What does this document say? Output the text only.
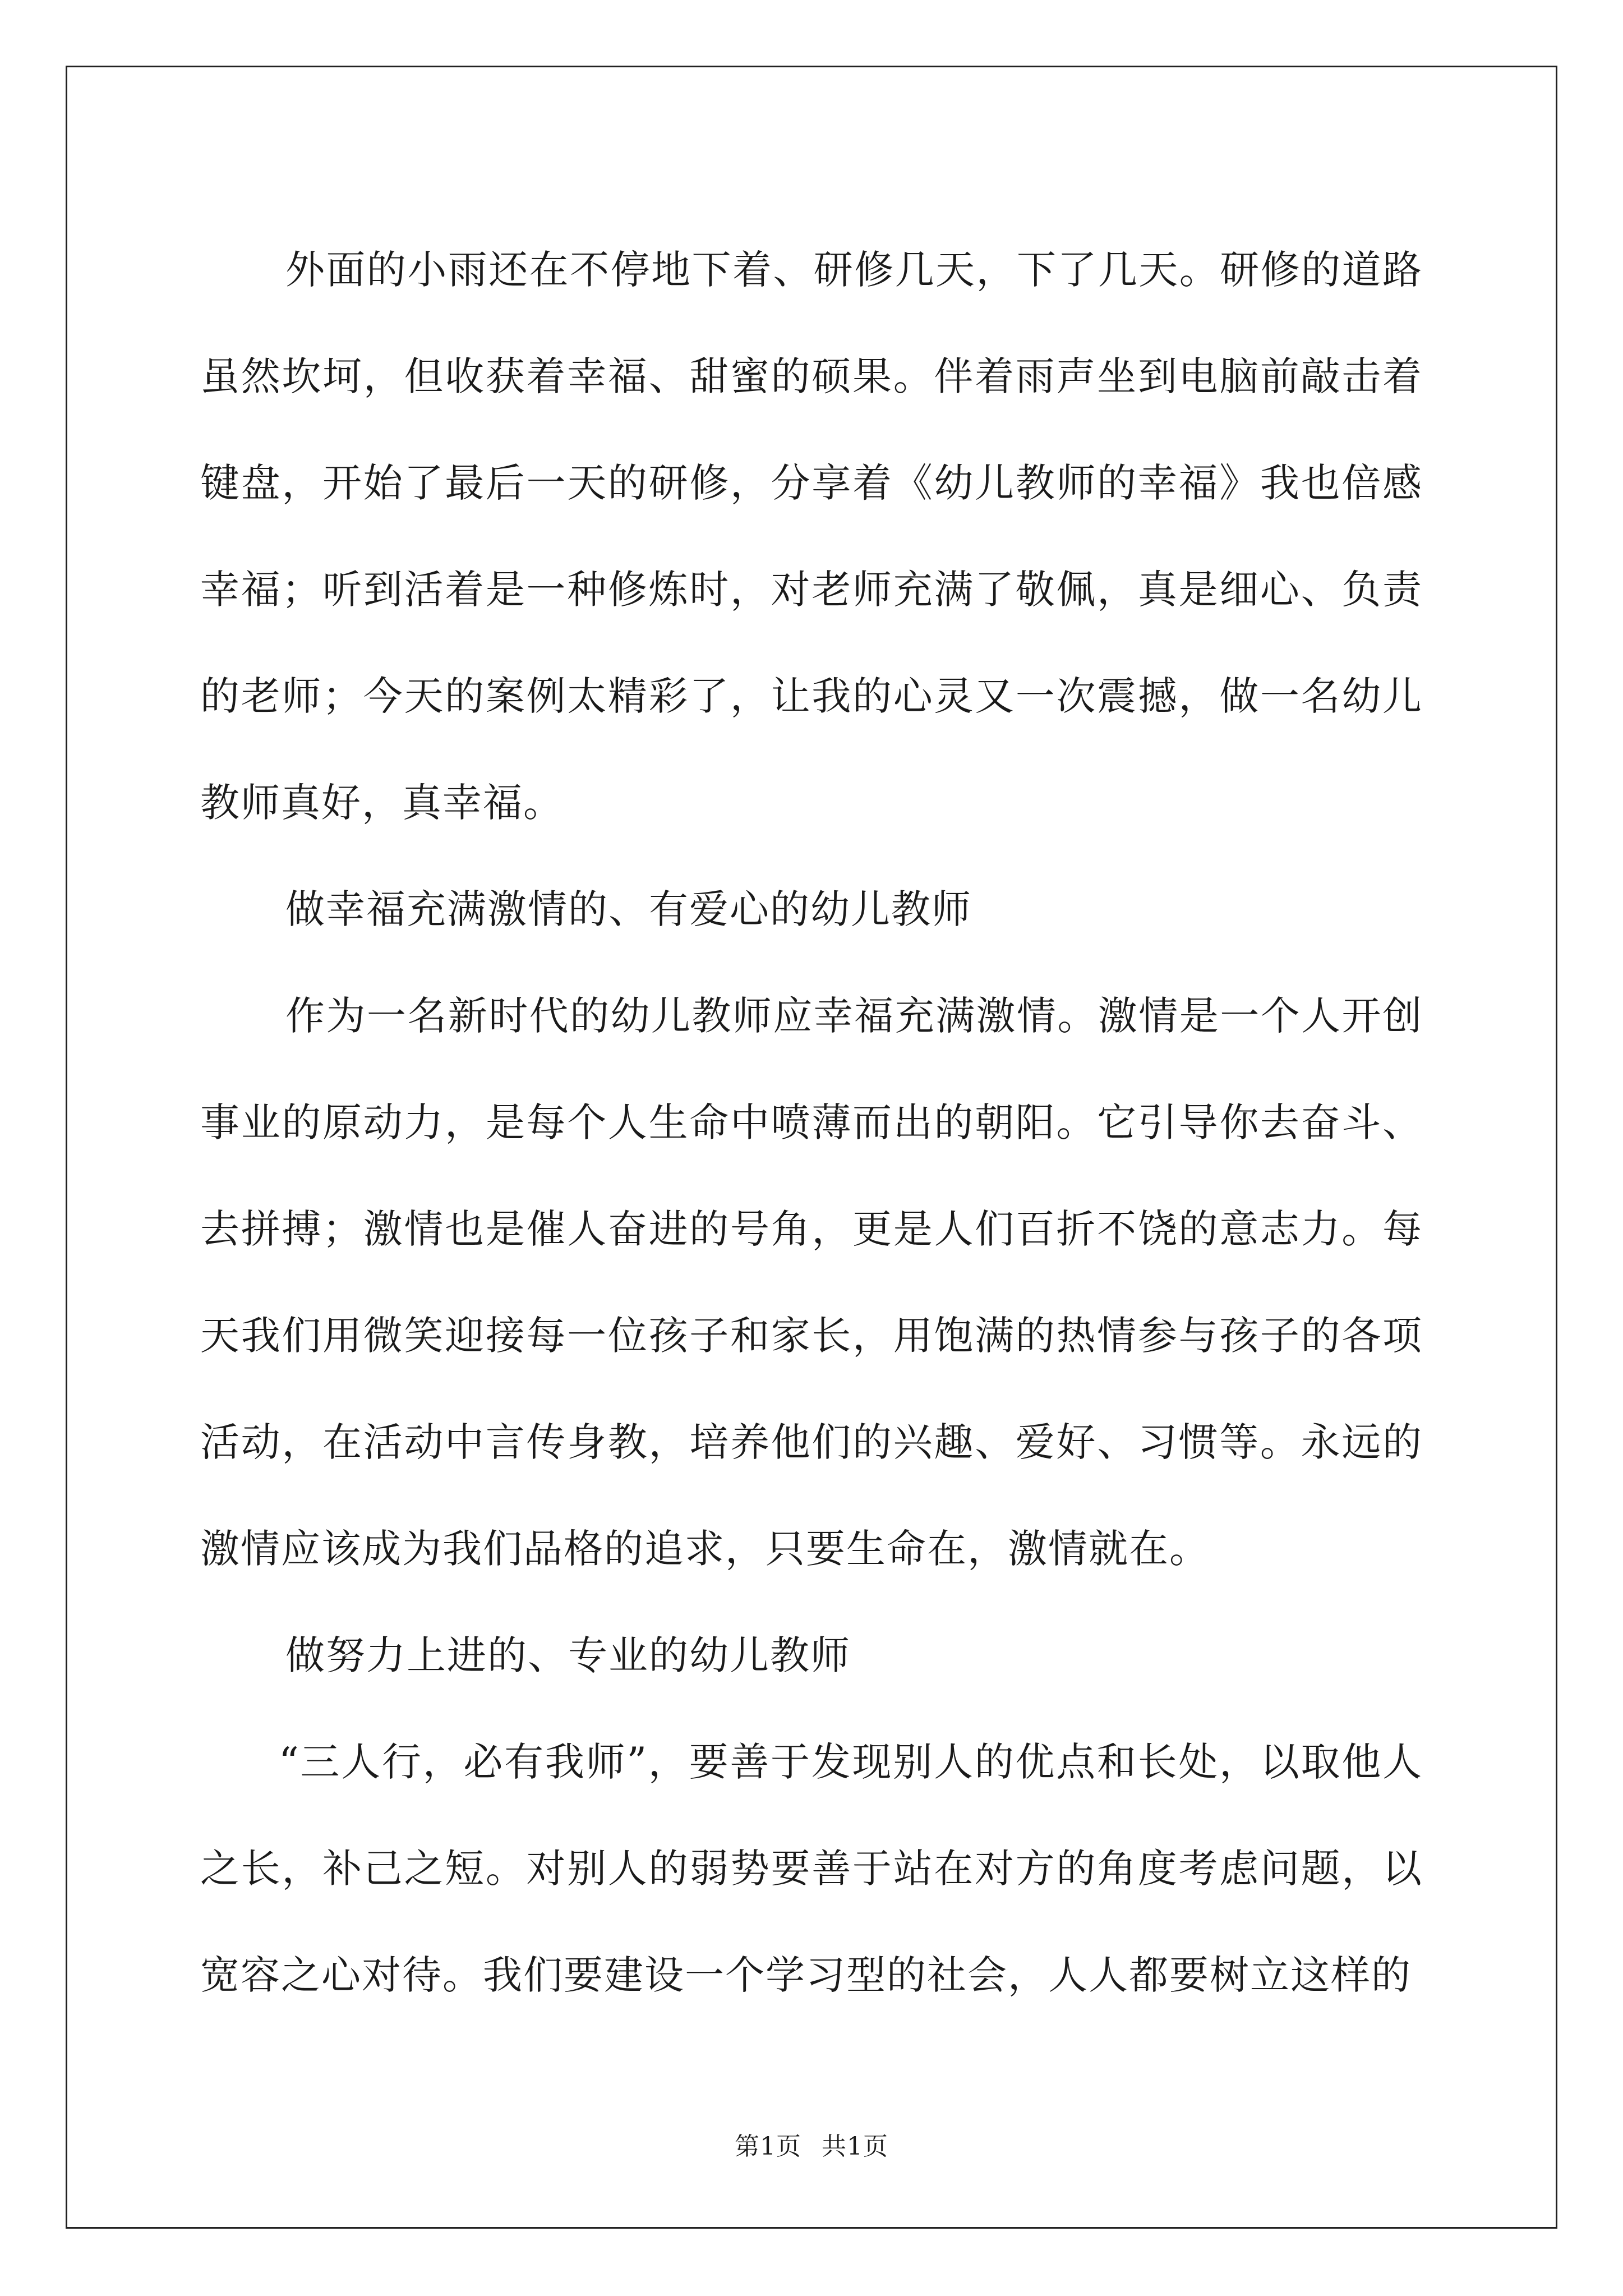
外面的小雨还在不停地下着、研修几天，下了几天。研修的道路虽然坎坷，但收获着幸福、甜蜜的硕果。伴着雨声坐到电脑前敲击着键盘，开始了最后一天的研修，分享着《幼儿教师的幸福》我也倍感幸福；听到活着是一种修炼时，对老师充满了敬佩，真是细心、负责的老师；今天的案例太精彩了，让我的心灵又一次震撼，做一名幼儿教师真好，真幸福。

做幸福充满激情的、有爱心的幼儿教师

作为一名新时代的幼儿教师应幸福充满激情。激情是一个人开创事业的原动力，是每个人生命中喷薄而出的朝阳。它引导你去奋斗、去拼搏；激情也是催人奋进的号角，更是人们百折不饶的意志力。每天我们用微笑迎接每一位孩子和家长，用饱满的热情参与孩子的各项活动，在活动中言传身教，培养他们的兴趣、爱好、习惯等。永远的激情应该成为我们品格的追求，只要生命在，激情就在。

做努力上进的、专业的幼儿教师

“三人行，必有我师”，要善于发现别人的优点和长处，以取他人之长，补己之短。对别人的弱势要善于站在对方的角度考虑问题，以宽容之心对待。我们要建设一个学习型的社会，人人都要树立这样的

第1页 共1页
